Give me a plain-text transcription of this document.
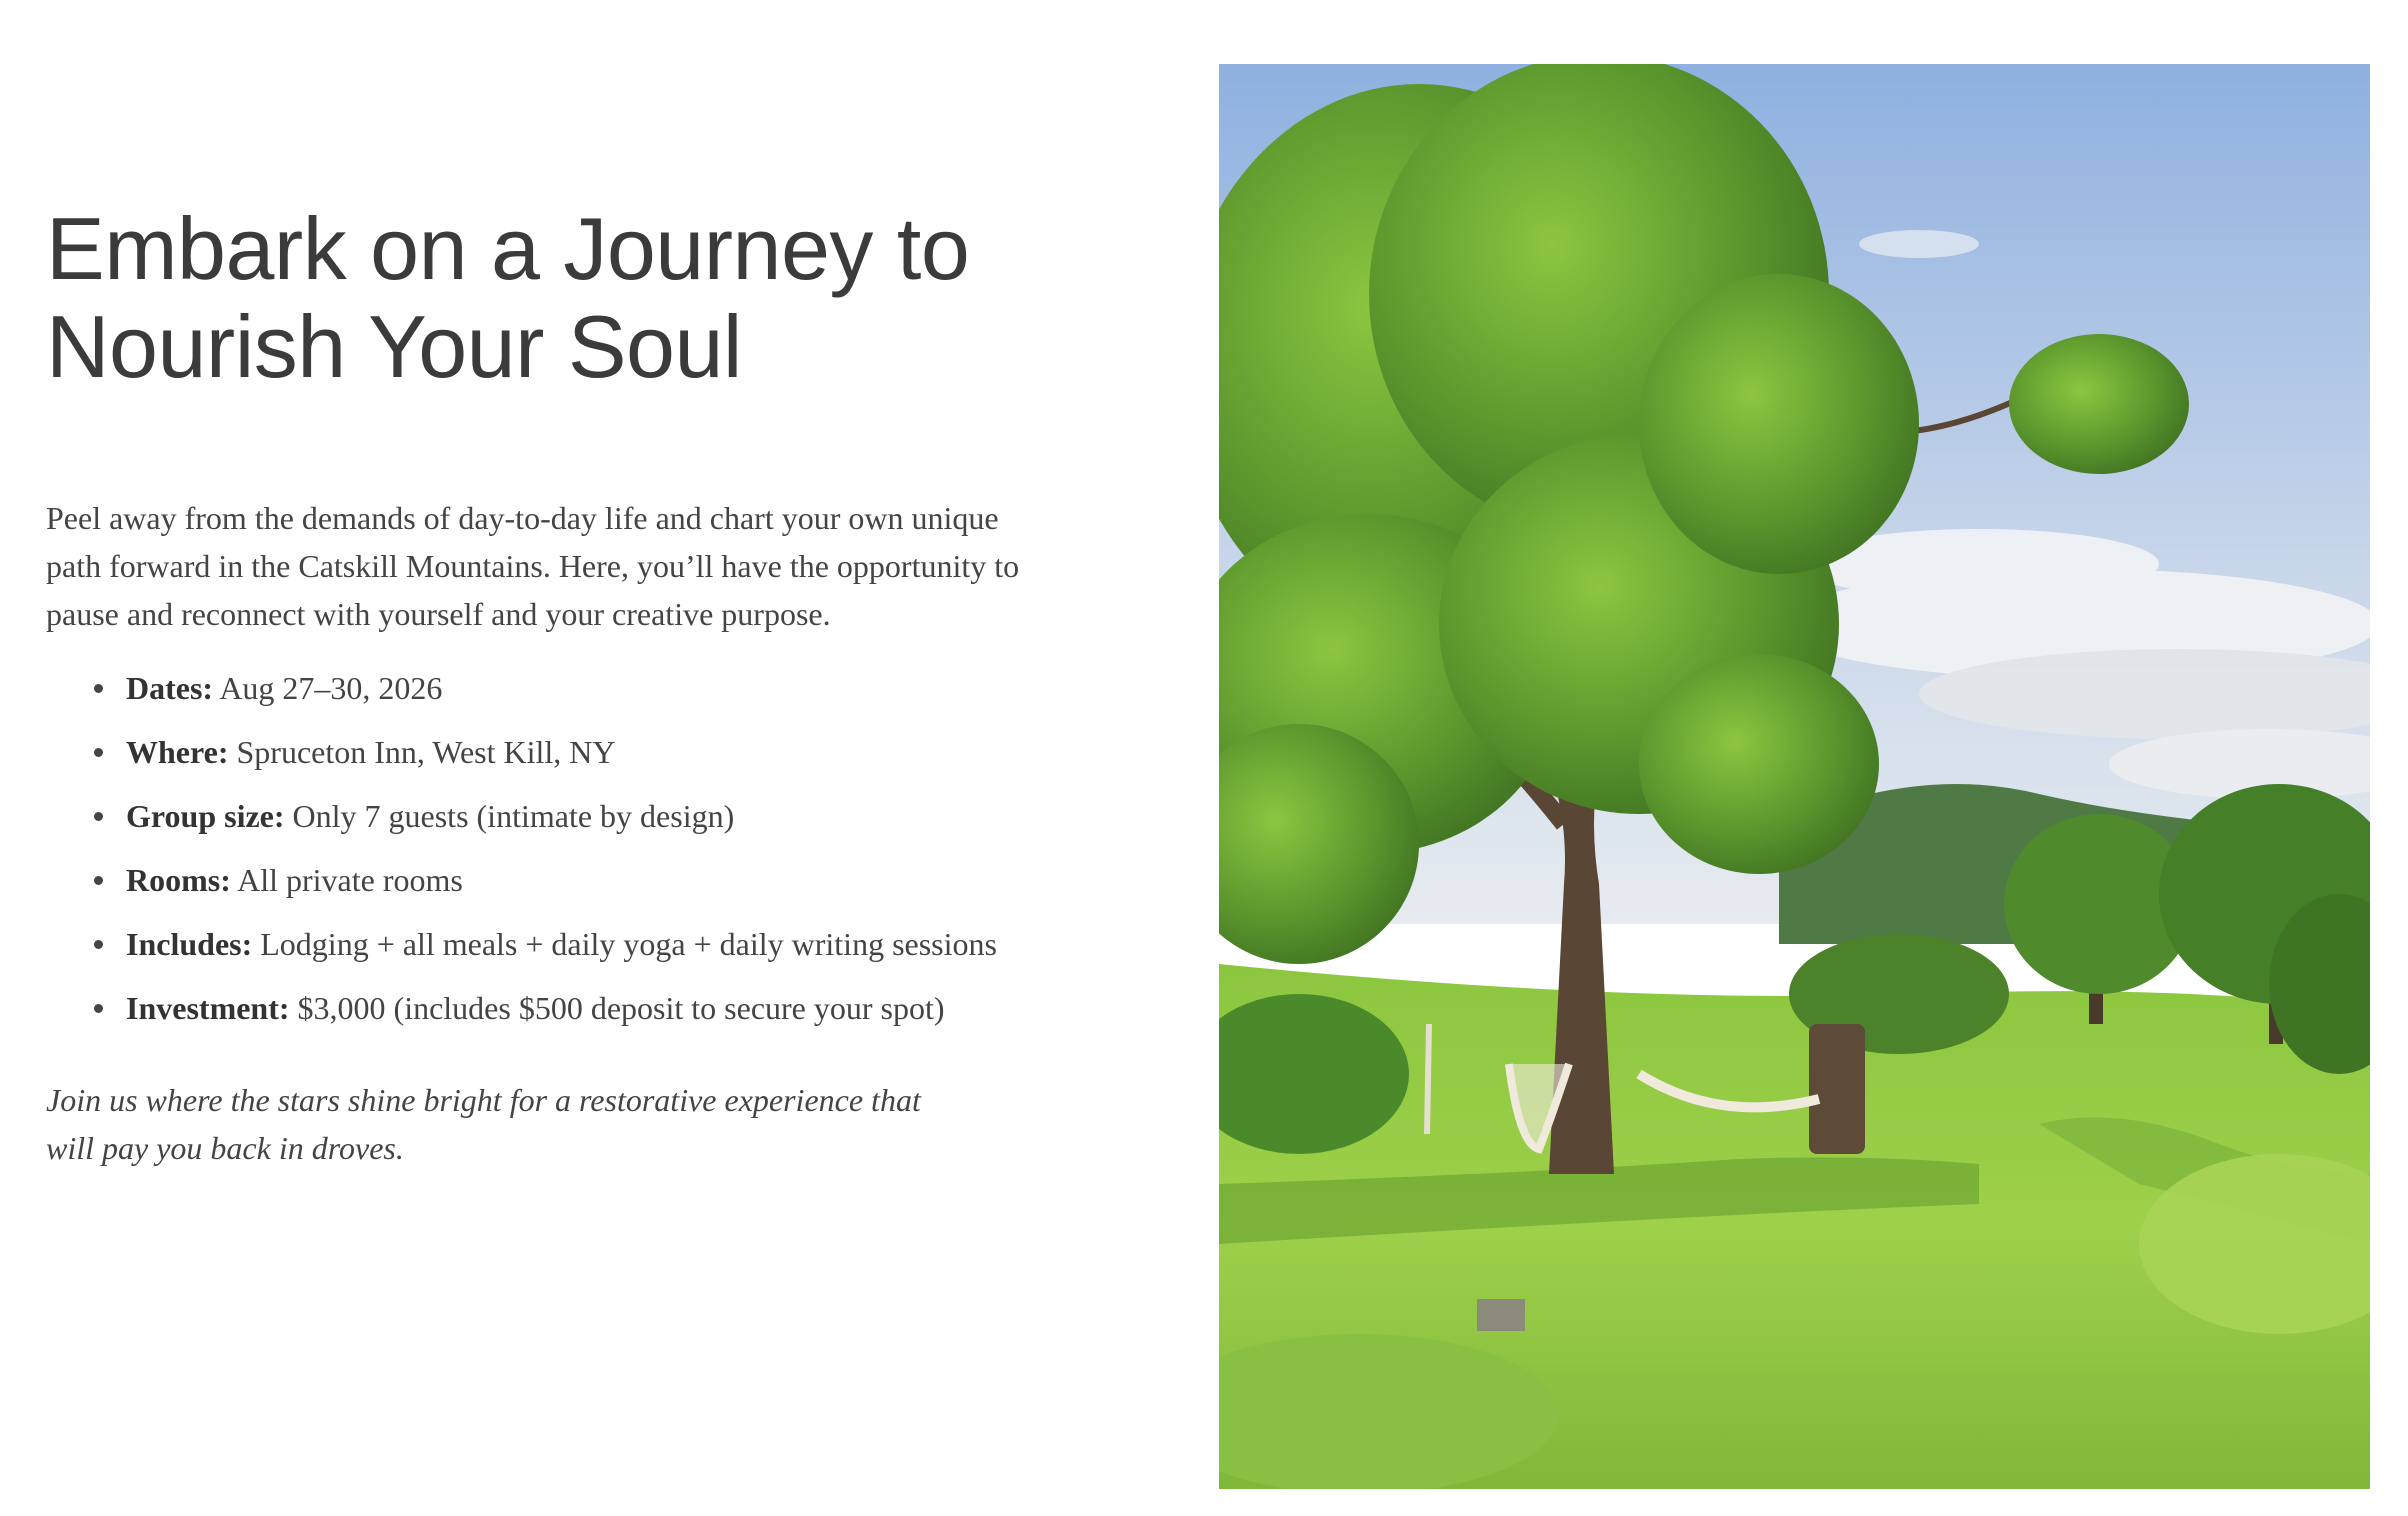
Embark on a Journey to
Nourish Your Soul

Peel away from the demands of day-to-day life and chart your own unique path forward in the Catskill Mountains. Here, you’ll have the opportunity to pause and reconnect with yourself and your creative purpose.

Dates: Aug 27–30, 2026
Where: Spruceton Inn, West Kill, NY
Group size: Only 7 guests (intimate by design)
Rooms: All private rooms
Includes: Lodging + all meals + daily yoga + daily writing sessions
Investment: $3,000 (includes $500 deposit to secure your spot)

Join us where the stars shine bright for a restorative experience that will pay you back in droves.
